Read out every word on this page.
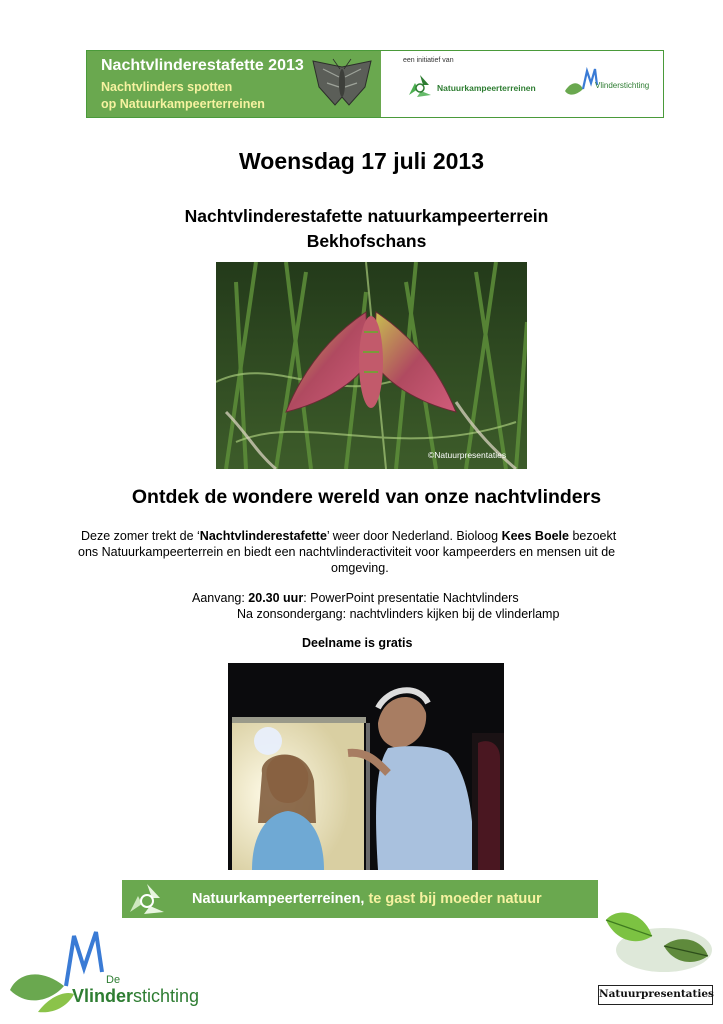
Nachtvlinderestafette 2013
Nachtvlinders spotten
op Natuurkampeerterreinen
een initiatief van
Natuurkampeerterreinen	Vlinderstichting
Woensdag 17 juli 2013
Nachtvlinderestafette natuurkampeerterrein
Bekhofschans
©Natuurpresentaties
Ontdek de wondere wereld van onze nachtvlinders
Deze zomer trekt de ‘Nachtvlinderestafette’ weer door Nederland. Bioloog Kees Boele bezoekt
ons Natuurkampeerterrein en biedt een nachtvlinderactiviteit voor kampeerders en mensen uit de
omgeving.
Aanvang: 20.30 uur: PowerPoint presentatie Nachtvlinders
Na zonsondergang: nachtvlinders kijken bij de vlinderlamp
Deelname is gratis
Natuurkampeerterreinen, te gast bij moeder natuur
De
Vlinderstichting	Natuurpresentaties
